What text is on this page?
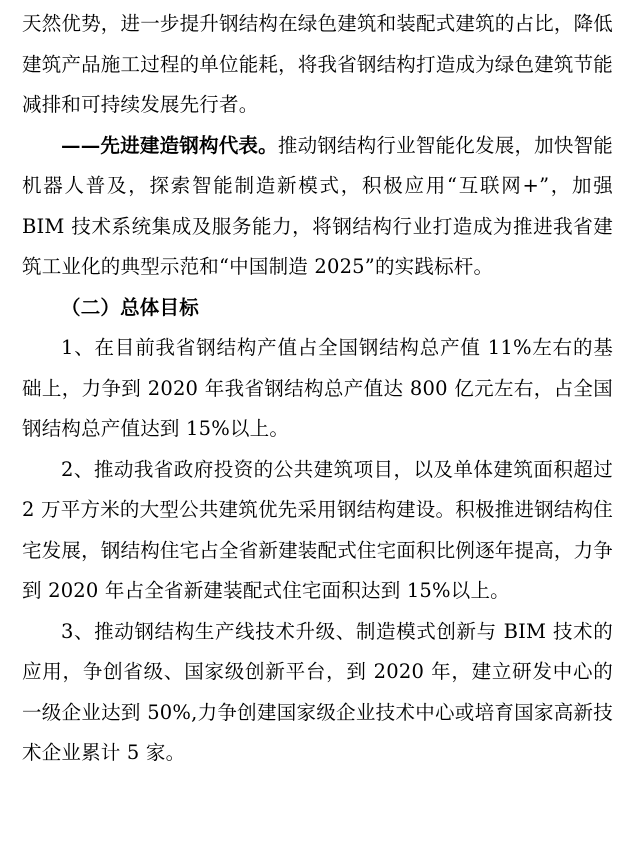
天然优势，进一步提升钢结构在绿色建筑和装配式建筑的占比，降低建筑产品施工过程的单位能耗，将我省钢结构打造成为绿色建筑节能减排和可持续发展先行者。

——先进建造钢构代表。推动钢结构行业智能化发展，加快智能机器人普及，探索智能制造新模式，积极应用“互联网+”，加强 BIM 技术系统集成及服务能力，将钢结构行业打造成为推进我省建筑工业化的典型示范和“中国制造 2025”的实践标杆。

（二）总体目标

1、在目前我省钢结构产值占全国钢结构总产值 11%左右的基础上，力争到 2020 年我省钢结构总产值达 800 亿元左右，占全国钢结构总产值达到 15%以上。

2、推动我省政府投资的公共建筑项目，以及单体建筑面积超过 2 万平方米的大型公共建筑优先采用钢结构建设。积极推进钢结构住宅发展，钢结构住宅占全省新建装配式住宅面积比例逐年提高，力争到 2020 年占全省新建装配式住宅面积达到 15%以上。

3、推动钢结构生产线技术升级、制造模式创新与 BIM 技术的应用，争创省级、国家级创新平台，到 2020 年，建立研发中心的一级企业达到 50%,力争创建国家级企业技术中心或培育国家高新技术企业累计 5 家。
